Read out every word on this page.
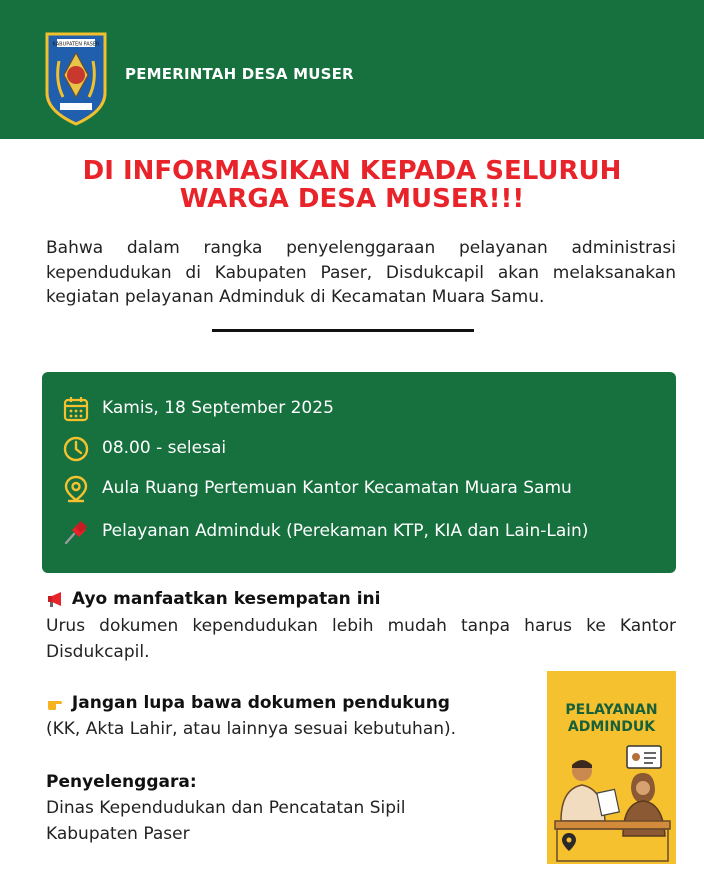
KABUPATEN PASER
PEMERINTAH DESA MUSER
DI INFORMASIKAN KEPADA SELURUH
WARGA DESA MUSER!!!
Bahwa dalam rangka penyelenggaraan pelayanan administrasi kependudukan di Kabupaten Paser, Disdukcapil akan melaksanakan kegiatan pelayanan Adminduk di Kecamatan Muara Samu.
Kamis, 18 September 2025
08.00 - selesai
Aula Ruang Pertemuan Kantor Kecamatan Muara Samu
Pelayanan Adminduk (Perekaman KTP, KIA dan Lain-Lain)
Ayo manfaatkan kesempatan ini
Urus dokumen kependudukan lebih mudah tanpa harus ke Kantor Disdukcapil.
Jangan lupa bawa dokumen pendukung
(KK, Akta Lahir, atau lainnya sesuai kebutuhan).
Penyelenggara:
Dinas Kependudukan dan Pencatatan Sipil
Kabupaten Paser
PELAYANAN
ADMINDUK
